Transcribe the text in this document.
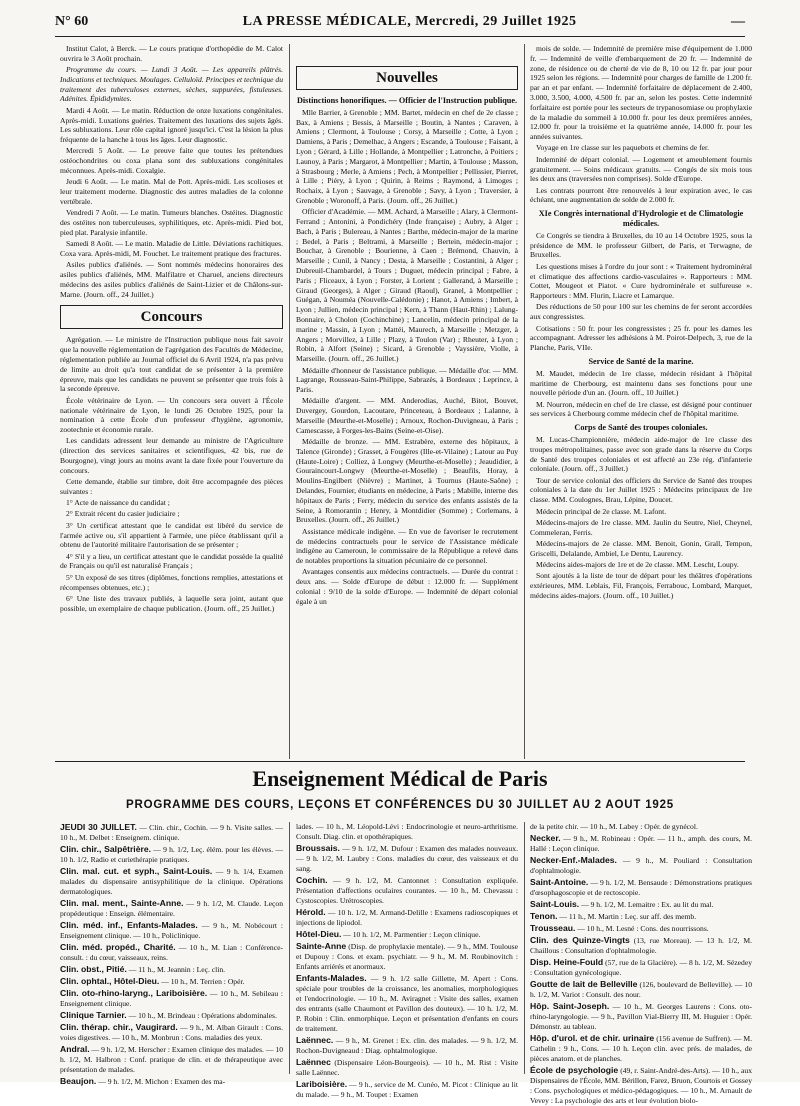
N° 60	LA PRESSE MÉDICALE, Mercredi, 29 Juillet 1925	—

Institut Calot, à Berck. — Le cours pratique d'orthopédie de M. Calot ouvrira le 3 Août prochain.

Programme du cours. — Lundi 3 Août. — Les appareils plâtrés. Indications et techniques. Moulages. Celluloïd. Principes et technique du traitement des tuberculoses externes, sèches, suppurées, fistuleuses. Adénites. Épididymites.

Mardi 4 Août. — Le matin. Réduction de onze luxations congénitales. Après-midi. Luxations guéries. Traitement des luxations des sujets âgés. Les subluxations. Leur rôle capital ignoré jusqu'ici. C'est la lésion la plus fréquente de la hanche à tous les âges. Leur diagnostic.

Mercredi 5 Août. — Le preuve faite que toutes les prétendues ostéochondrites ou coxa plana sont des subluxations congénitales méconnues. Après-midi. Coxalgie.

Jeudi 6 Août. — Le matin. Mal de Pott. Après-midi. Les scolioses et leur traitement moderne. Diagnostic des autres maladies de la colonne vertébrale.

Vendredi 7 Août. — Le matin. Tumeurs blanches. Ostéites. Diagnostic des ostéites non tuberculeuses, syphilitiques, etc. Après-midi. Pied bot, pied plat. Paralysie infantile.

Samedi 8 Août. — Le matin. Maladie de Little. Déviations rachitiques. Coxa vara. Après-midi, M. Fouchet. Le traitement pratique des fractures.

Asiles publics d'aliénés. — Sont nommés médecins honoraires des asiles publics d'aliénés, MM. Malfilatre et Charuel, anciens directeurs médecins des asiles publics d'aliénés de Saint-Lizier et de Châlons-sur-Marne. (Journ. off., 24 Juillet.)

Concours

Agrégation. — Le ministre de l'Instruction publique nous fait savoir que la nouvelle réglementation de l'agrégation des Facultés de Médecine, réglementation publiée au Journal officiel du 6 Avril 1924, n'a pas prévu de limite au droit qu'a tout candidat de se présenter à la première épreuve, mais que les candidats ne peuvent se présenter que trois fois à la seconde épreuve.

École vétérinaire de Lyon. — Un concours sera ouvert à l'École nationale vétérinaire de Lyon, le lundi 26 Octobre 1925, pour la nomination à cette École d'un professeur d'hygiène, agronomie, zootechnie et économie rurale.

Les candidats adressent leur demande au ministre de l'Agriculture (direction des services sanitaires et scientifiques, 42 bis, rue de Bourgogne), vingt jours au moins avant la date fixée pour l'ouverture du concours.

Cette demande, établie sur timbre, doit être accompagnée des pièces suivantes :

1° Acte de naissance du candidat ;

2° Extrait récent du casier judiciaire ;

3° Un certificat attestant que le candidat est libéré du service de l'armée active ou, s'il appartient à l'armée, une pièce établissant qu'il a obtenu de l'autorité militaire l'autorisation de se présenter ;

4° S'il y a lieu, un certificat attestant que le candidat possède la qualité de Français ou qu'il est naturalisé Français ;

5° Un exposé de ses titres (diplômes, fonctions remplies, attestations et récompenses obtenues, etc.) ;

6° Une liste des travaux publiés, à laquelle sera joint, autant que possible, un exemplaire de chaque publication. (Journ. off., 25 Juillet.)

Nouvelles

Distinctions honorifiques. — Officier de l'Instruction publique.

Mlle Barrier, à Grenoble ; MM. Bartet, médecin en chef de 2e classe ; Bax, à Amiens ; Bessis, à Marseille ; Boutin, à Nantes ; Caraven, à Amiens ; Clermont, à Toulouse ; Corsy, à Marseille ; Cotte, à Lyon ; Damiens, à Paris ; Demelhac, à Angers ; Escande, à Toulouse ; Faisant, à Lyon ; Gérard, à Lille ; Hollande, à Montpellier ; Latronche, à Poitiers ; Launoy, à Paris ; Margarot, à Montpellier ; Martin, à Toulouse ; Masson, à Strasbourg ; Merle, à Amiens ; Pech, à Montpellier ; Pellissier, Pierret, à Lille ; Piéry, à Lyon ; Quirin, à Reims ; Raymond, à Limoges ; Rochaix, à Lyon ; Sauvage, à Grenoble ; Savy, à Lyon ; Traversier, à Grenoble ; Woronoff, à Paris. (Journ. off., 26 Juillet.)

Officier d'Académie. — MM. Achard, à Marseille ; Alary, à Clermont-Ferrand ; Antonini, à Pondichéry (Inde française) ; Aubry, à Alger ; Bach, à Paris ; Bulereau, à Nantes ; Barthe, médecin-major de la marine ; Bedel, à Paris ; Beltrami, à Marseille ; Bertein, médecin-major ; Bouchar, à Grenoble ; Bourienne, à Caen ; Brémond, Chauvin, à Marseille ; Cunil, à Nancy ; Desta, à Marseille ; Costantini, à Alger ; Dubreuil-Chambardel, à Tours ; Duguet, médecin principal ; Fabre, à Paris ; Fliceaux, à Lyon ; Forster, à Lorient ; Gallerand, à Marseille ; Giraud (Georges), à Alger ; Giraud (Raoul), Granel, à Montpellier ; Guégan, à Nouméa (Nouvelle-Calédonie) ; Hanot, à Amiens ; Imbert, à Lyon ; Jullien, médecin principal ; Kern, à Thann (Haut-Rhin) ; Lalung-Bonnaire, à Cholon (Cochinchine) ; Lancelin, médecin principal de la marine ; Massin, à Lyon ; Mattéi, Maurech, à Marseille ; Metzger, à Angers ; Morvillez, à Lille ; Plazy, à Toulon (Var) ; Rheuter, à Lyon ; Robin, à Alfort (Seine) ; Sicard, à Grenoble ; Vayssière, Violle, à Marseille. (Journ. off., 26 Juillet.)

Médaille d'honneur de l'assistance publique. — Médaille d'or. — MM. Lagrange, Rousseau-Saint-Philippe, Sabrazès, à Bordeaux ; Leprince, à Paris.

Médaille d'argent. — MM. Anderodias, Auché, Bitot, Bouvet, Duvergey, Gourdon, Lacoutare, Princeteau, à Bordeaux ; Lalanne, à Marseille (Meurthe-et-Moselle) ; Arnoux, Rochon-Duvigneau, à Paris ; Camescasse, à Forges-les-Bains (Seine-et-Oise).

Médaille de bronze. — MM. Estrabère, externe des hôpitaux, à Talence (Gironde) ; Grasset, à Fougères (Ille-et-Vilaine) ; Latour au Puy (Haute-Loire) ; Colliez, à Longwy (Meurthe-et-Moselle) ; Jeaudidier, à Gouraincourt-Longwy (Meurthe-et-Moselle) ; Beaufils, Horay, à Moulins-Engilbert (Nièvre) ; Martinet, à Tournus (Haute-Saône) ; Delandes, Fournier, étudiants en médecine, à Paris ; Mabille, interne des hôpitaux de Paris ; Ferry, médecin du service des enfants assistés de la Seine, à Romorantin ; Henry, à Montdidier (Somme) ; Corlemans, à Bruxelles. (Journ. off., 26 Juillet.)

Assistance médicale indigène. — En vue de favoriser le recrutement de médecins contractuels pour le service de l'Assistance médicale indigène au Cameroun, le commissaire de la République a relevé dans de notables proportions la situation pécuniaire de ce personnel.

Avantages consentis aux médecins contractuels. — Durée du contrat : deux ans. — Solde d'Europe de début : 12.000 fr. — Supplément colonial : 9/10 de la solde d'Europe. — Indemnité de départ colonial égale à un

mois de solde. — Indemnité de première mise d'équipement de 1.000 fr. — Indemnité de veille d'embarquement de 20 fr. — Indemnité de zone, de résidence ou de cherté de vie de 8, 10 ou 12 fr. par jour pour 1925 selon les régions. — Indemnité pour charges de famille de 1.200 fr. par an et par enfant. — Indemnité forfaitaire de déplacement de 2.400, 3.000, 3.500, 4.000, 4.500 fr. par an, selon les postes. Cette indemnité forfaitaire est portée pour les secteurs de trypanosomiase ou prophylaxie de la maladie du sommeil à 10.000 fr. pour les deux premières années, 12.000 fr. pour la troisième et la quatrième année, 14.000 fr. pour les années suivantes.

Voyage en 1re classe sur les paquebots et chemins de fer.

Indemnité de départ colonial. — Logement et ameublement fournis gratuitement. — Soins médicaux gratuits. — Congés de six mois tous les deux ans (traversées non comprises). Solde d'Europe.

Les contrats pourront être renouvelés à leur expiration avec, le cas échéant, une augmentation de solde de 2.000 fr.

XIe Congrès international d'Hydrologie et de Climatologie médicales.

Ce Congrès se tiendra à Bruxelles, du 10 au 14 Octobre 1925, sous la présidence de MM. le professeur Gilbert, de Paris, et Terwagne, de Bruxelles.

Les questions mises à l'ordre du jour sont : « Traitement hydrominéral et climatique des affections cardio-vasculaires ». Rapporteurs : MM. Cottet, Mougeot et Piatot. « Cure hydrominérale et sulfureuse ». Rapporteurs : MM. Flurin, Liacre et Lamarque.

Des réductions de 50 pour 100 sur les chemins de fer seront accordées aux congressistes.

Cotisations : 50 fr. pour les congressistes ; 25 fr. pour les dames les accompagnant. Adresser les adhésions à M. Poirot-Delpech, 3, rue de la Planche, Paris, VIIe.

Service de Santé de la marine.

M. Maudet, médecin de 1re classe, médecin résidant à l'hôpital maritime de Cherbourg, est maintenu dans ses fonctions pour une nouvelle période d'un an. (Journ. off., 10 Juillet.)

M. Nourron, médecin en chef de 1re classe, est désigné pour continuer ses services à Cherbourg comme médecin chef de l'hôpital maritime.

Corps de Santé des troupes coloniales.

M. Lucas-Championnière, médecin aide-major de 1re classe des troupes métropolitaines, passe avec son grade dans la réserve du Corps de Santé des troupes coloniales et est affecté au 23e rég. d'infanterie coloniale. (Journ. off., 3 Juillet.)

Tour de service colonial des officiers du Service de Santé des troupes coloniales à la date du 1er Juillet 1925 : Médecins principaux de 1re classe. MM. Coulognes, Brau, Lépine, Doucet.

Médecin principal de 2e classe. M. Lafont.

Médecins-majors de 1re classe. MM. Jaulin du Seutre, Niel, Cheynel, Commeleran, Ferris.

Médecins-majors de 2e classe. MM. Benoit, Gonin, Grall, Tempon, Griscelli, Delalande, Ambiel, Le Dentu, Laurency.

Médecins aides-majors de 1re et de 2e classe. MM. Lescht, Loupy.

Sont ajoutés à la liste de tour de départ pour les théâtres d'opérations extérieures, MM. Leblais, Fil, François, Ferrabouc, Lombard, Marquet, médecins aides-majors. (Journ. off., 10 Juillet.)

Enseignement Médical de Paris
PROGRAMME DES COURS, LEÇONS ET CONFÉRENCES DU 30 JUILLET AU 2 AOUT 1925

JEUDI 30 JUILLET. — Clin. chir., Cochin. — 9 h. Visite salles. — 10 h., M. Delbet : Enseignem. clinique.

Clin. chir., Salpêtrière. — 9 h. 1/2, Leç. élém. pour les élèves. — 10 h. 1/2, Radio et curiethérapie pratiques.

Clin. mal. cut. et syph., Saint-Louis. — 9 h. 1/4, Examen malades du dispensaire antisyphilitique de la clinique. Opérations dermatologiques.

Clin. mal. ment., Sainte-Anne. — 9 h. 1/2, M. Claude. Leçon propédeutique : Enseign. élémentaire.

Clin. méd. inf., Enfants-Malades. — 9 h., M. Nobécourt : Enseignement clinique. — 10 h., Policlinique.

Clin. méd. propéd., Charité. — 10 h., M. Lian : Conférence-consult. : du cœur, vaisseaux, reins.

Clin. obst., Pitié. — 11 h., M. Jeannin : Leç. clin.

Clin. ophtal., Hôtel-Dieu. — 10 h., M. Terrien : Opér.

Clin. oto-rhino-laryng., Lariboisière. — 10 h., M. Sebileau : Enseignement clinique.

Clinique Tarnier. — 10 h., M. Brindeau : Opérations abdominales.

Clin. thérap. chir., Vaugirard. — 9 h., M. Alban Girault : Cons. voies digestives. — 10 h., M. Monbrun : Cons. maladies des yeux.

Andral. — 9 h. 1/2, M. Herscher : Examen clinique des malades. — 10 h. 1/2, M. Halbron : Conf. pratique de clin. et de thérapeutique avec présentation de malades.

Beaujon. — 9 h. 1/2, M. Michon : Examen des ma-

lades. — 10 h., M. Léopold-Lévi : Endocrinologie et neuro-arthritisme. Consult. Diag. clin. et opothérapiques.

Broussais. — 9 h. 1/2, M. Dufour : Examen des malades nouveaux. — 9 h. 1/2, M. Laubry : Cons. maladies du cœur, des vaisseaux et du sang.

Cochin. — 9 h. 1/2, M. Cantonnet : Consultation expliquée. Présentation d'affections oculaires courantes. — 10 h., M. Chevassu : Cystoscopies. Urétroscopies.

Hérold. — 10 h. 1/2, M. Armand-Delille : Examens radioscopiques et injections de lipiodol.

Hôtel-Dieu. — 10 h. 1/2, M. Parmentier : Leçon clinique.

Sainte-Anne (Disp. de prophylaxie mentale). — 9 h., MM. Toulouse et Dupouy : Cons. et exam. psychiatr. — 9 h., M. M. Roubinovitch : Enfants arriérés et anormaux.

Enfants-Malades. — 9 h. 1/2 salle Gillette, M. Apert : Cons. spéciale pour troubles de la croissance, les anomalies, morphologiques et l'endocrinologie. — 10 h., M. Aviragnet : Visite des salles, examen des entrants (salle Chaumont et Pavillon des douteux). — 10 h. 1/2, M. P. Robin : Clin. enmorphique. Leçon et présentation d'enfants en cours de traitement.

Laënnec. — 9 h., M. Grenet : Ex. clin. des malades. — 9 h. 1/2, M. Rochon-Duvigneaud : Diag. ophtalmologique.

Laënnec (Dispensaire Léon-Bourgeois). — 10 h., M. Rist : Visite salle Laënnec.

Lariboisière. — 9 h., service de M. Cunéo, M. Picot : Clinique au lit du malade. — 9 h., M. Toupet : Examen

de la petite chir. — 10 h., M. Labey : Opér. de gynécol.

Necker. — 9 h., M. Robineau : Opér. — 11 h., amph. des cours, M. Hallé : Leçon clinique.

Necker-Enf.-Malades. — 9 h., M. Pouliard : Consultation d'ophtalmologie.

Saint-Antoine. — 9 h. 1/2, M. Bensaude : Démonstrations pratiques d'œsophagoscopie et de rectoscopie.

Saint-Louis. — 9 h. 1/2, M. Lemaitre : Ex. au lit du mal.

Tenon. — 11 h., M. Martin : Leç. sur aff. des memb.

Trousseau. — 10 h., M. Lesné : Cons. des nourrissons.

Clin. des Quinze-Vingts (13, rue Moreau). — 13 h. 1/2, M. Chaillous : Consultation d'ophtalmologie.

Disp. Heine-Fould (57, rue de la Glacière). — 8 h. 1/2, M. Sézedey : Consultation gynécologique.

Goutte de lait de Belleville (126, boulevard de Belleville). — 10 h. 1/2, M. Variot : Consult. des nour.

Hôp. Saint-Joseph. — 10 h., M. Georges Laurens : Cons. oto-rhino-laryngologie. — 9 h., Pavillon Vial-Bierry III, M. Huguier : Opér. Démonstr. au tableau.

Hôp. d'urol. et de chir. urinaire (156 avenue de Suffren). — M. Cathelin : 9 h., Cons. — 10 h. Leçon clin. avec prés. de malades, de pièces anatom. et de planches.

École de psychologie (49, r. Saint-André-des-Arts). — 10 h., aux Dispensaires de l'École, MM. Bérillon, Farez, Bruon, Courtois et Gossey : Cons. psychologiques et médico-pédagogiques. — 10 h., M. Arnault de Vevey : La psychologie des arts et leur évolution biolo-
